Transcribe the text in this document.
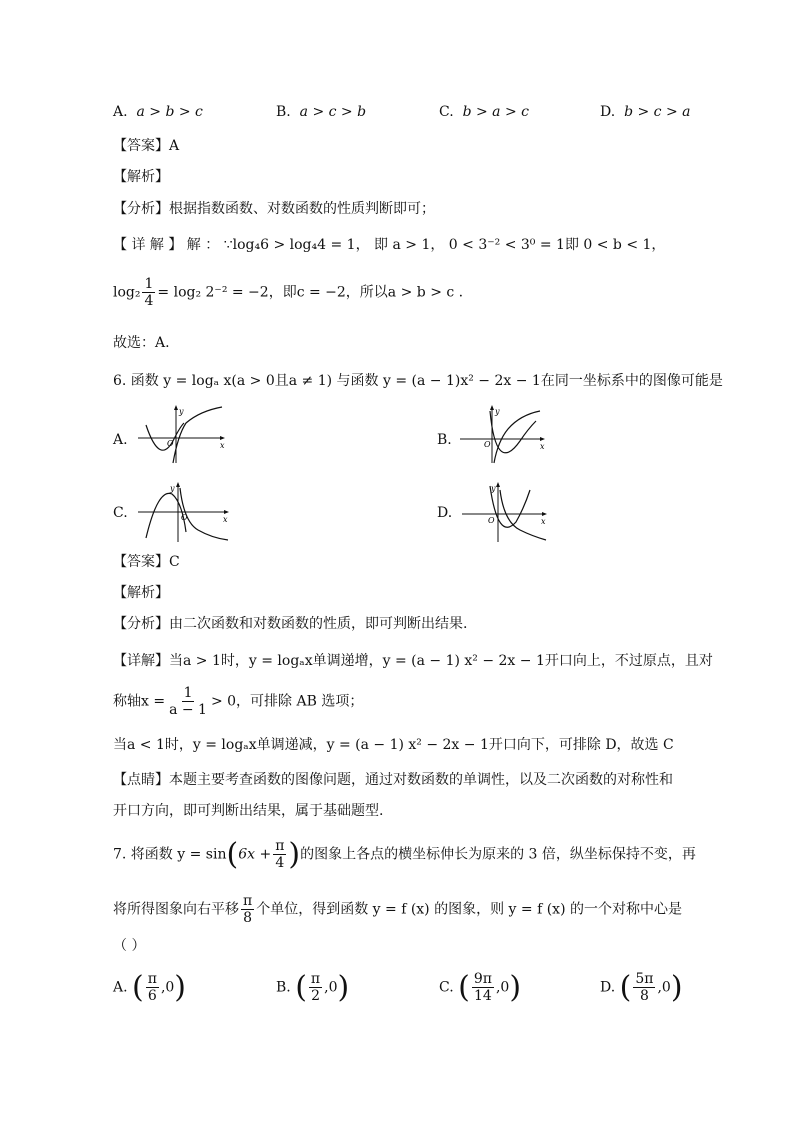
A. a > b > c	B. a > c > b	C. b > a > c	D. b > c > a
【答案】A
【解析】
【分析】根据指数函数、对数函数的性质判断即可；
【 详 解 】 解 ： ∵log₄6 > log₄4 = 1， 即 a > 1， 0 < 3⁻² < 3⁰ = 1即 0 < b < 1，
$\log_2 \frac{1}{4} = \log_2$ 2⁻² = −2，即c = −2，所以a > b > c .
故选：A.
6. 函数 y = logₐ x(a > 0且a ≠ 1) 与函数 y = (a − 1)x² − 2x − 1在同一坐标系中的图像可能是
A.
y
x
O	B.
y
x
O
C.
y
x
O	D.
y
x
O
【答案】C
【解析】
【分析】由二次函数和对数函数的性质，即可判断出结果.
【详解】当a > 1时，y = logₐx单调递增，y = (a − 1) x² − 2x − 1开口向上，不过原点，且对
称轴$x = \frac{1}{a - 1} > 0$，可排除 AB 选项；
当a < 1时，y = logₐx单调递减，y = (a − 1) x² − 2x − 1开口向下，可排除 D，故选 C
【点睛】本题主要考查函数的图像问题，通过对数函数的单调性，以及二次函数的对称性和
开口方向，即可判断出结果，属于基础题型.
7. 将函数 $y = \sin(6x + \frac{\pi}{4}$ )的图象上各点的横坐标伸长为原来的 3 倍，纵坐标保持不变，再
将所得图象向右平移 $\frac{\pi}{8}$ 个单位，得到函数 y = f (x) 的图象，则 y = f (x) 的一个对称中心是
（ ）
A. ( $\frac{\pi}{6} ,0$)	B. ( $\frac{\pi}{2} ,0$)	C. ( $\frac{9\pi}{14} ,0$)	D. ( $\frac{5\pi}{8} ,0$)
